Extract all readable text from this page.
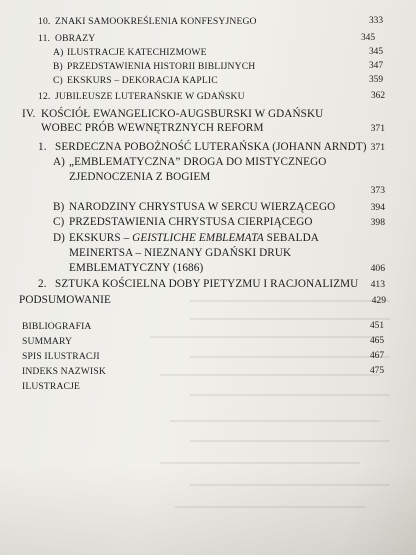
10. ZNAKI SAMOOKREŚLENIA KONFESYJNEGO	333
11. OBRAZY	345
A) ILUSTRACJE KATECHIZMOWE	345
B) PRZEDSTAWIENIA HISTORII BIBLIJNYCH	347
C) EKSKURS – DEKORACJA KAPLIC	359
12. JUBILEUSZE LUTERAŃSKIE W GDAŃSKU	362
IV. KOŚCIÓŁ EWANGELICKO-AUGSBURSKI W GDAŃSKU
WOBEC PRÓB WEWNĘTRZNYCH REFORM	371
1. SERDECZNA POBOŻNOŚĆ LUTERAŃSKA (JOHANN ARNDT) 371
A) „EMBLEMATYCZNA” DROGA DO MISTYCZNEGO
ZJEDNOCZENIA Z BOGIEM
373
B) NARODZINY CHRYSTUSA W SERCU WIERZĄCEGO	394
C) PRZEDSTAWIENIA CHRYSTUSA CIERPIĄCEGO	398
D) EKSKURS – GEISTLICHE EMBLEMATA SEBALDA
MEINERTSA – NIEZNANY GDAŃSKI DRUK
EMBLEMATYCZNY (1686)	406
2. SZTUKA KOŚCIELNA DOBY PIETYZMU I RACJONALIZMU	413
PODSUMOWANIE	429
BIBLIOGRAFIA	451
SUMMARY	465
SPIS ILUSTRACJI	467
INDEKS NAZWISK	475
ILUSTRACJE
